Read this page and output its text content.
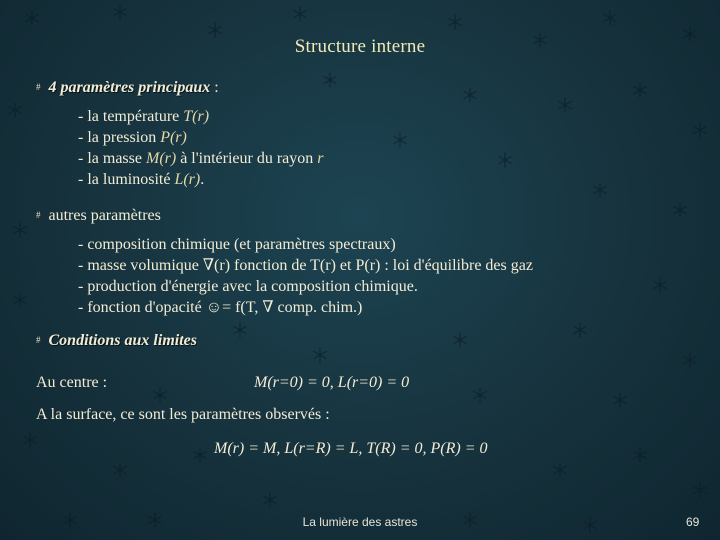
Structure interne
# 4 paramètres principaux :
- la température T(r)
- la pression P(r)
- la masse M(r) à l'intérieur du rayon r
- la luminosité L(r).
# autres paramètres
- composition chimique (et paramètres spectraux)
- masse volumique ∇(r) fonction de T(r) et P(r) : loi d'équilibre des gaz
- production d'énergie avec la composition chimique.
- fonction d'opacité ☺= f(T, ∇ comp. chim.)
# Conditions aux limites
Au centre :	M(r=0) = 0, L(r=0) = 0
A la surface, ce sont les paramètres observés :
M(r) = M, L(r=R) = L, T(R) = 0, P(R) = 0
La lumière des astres	69
